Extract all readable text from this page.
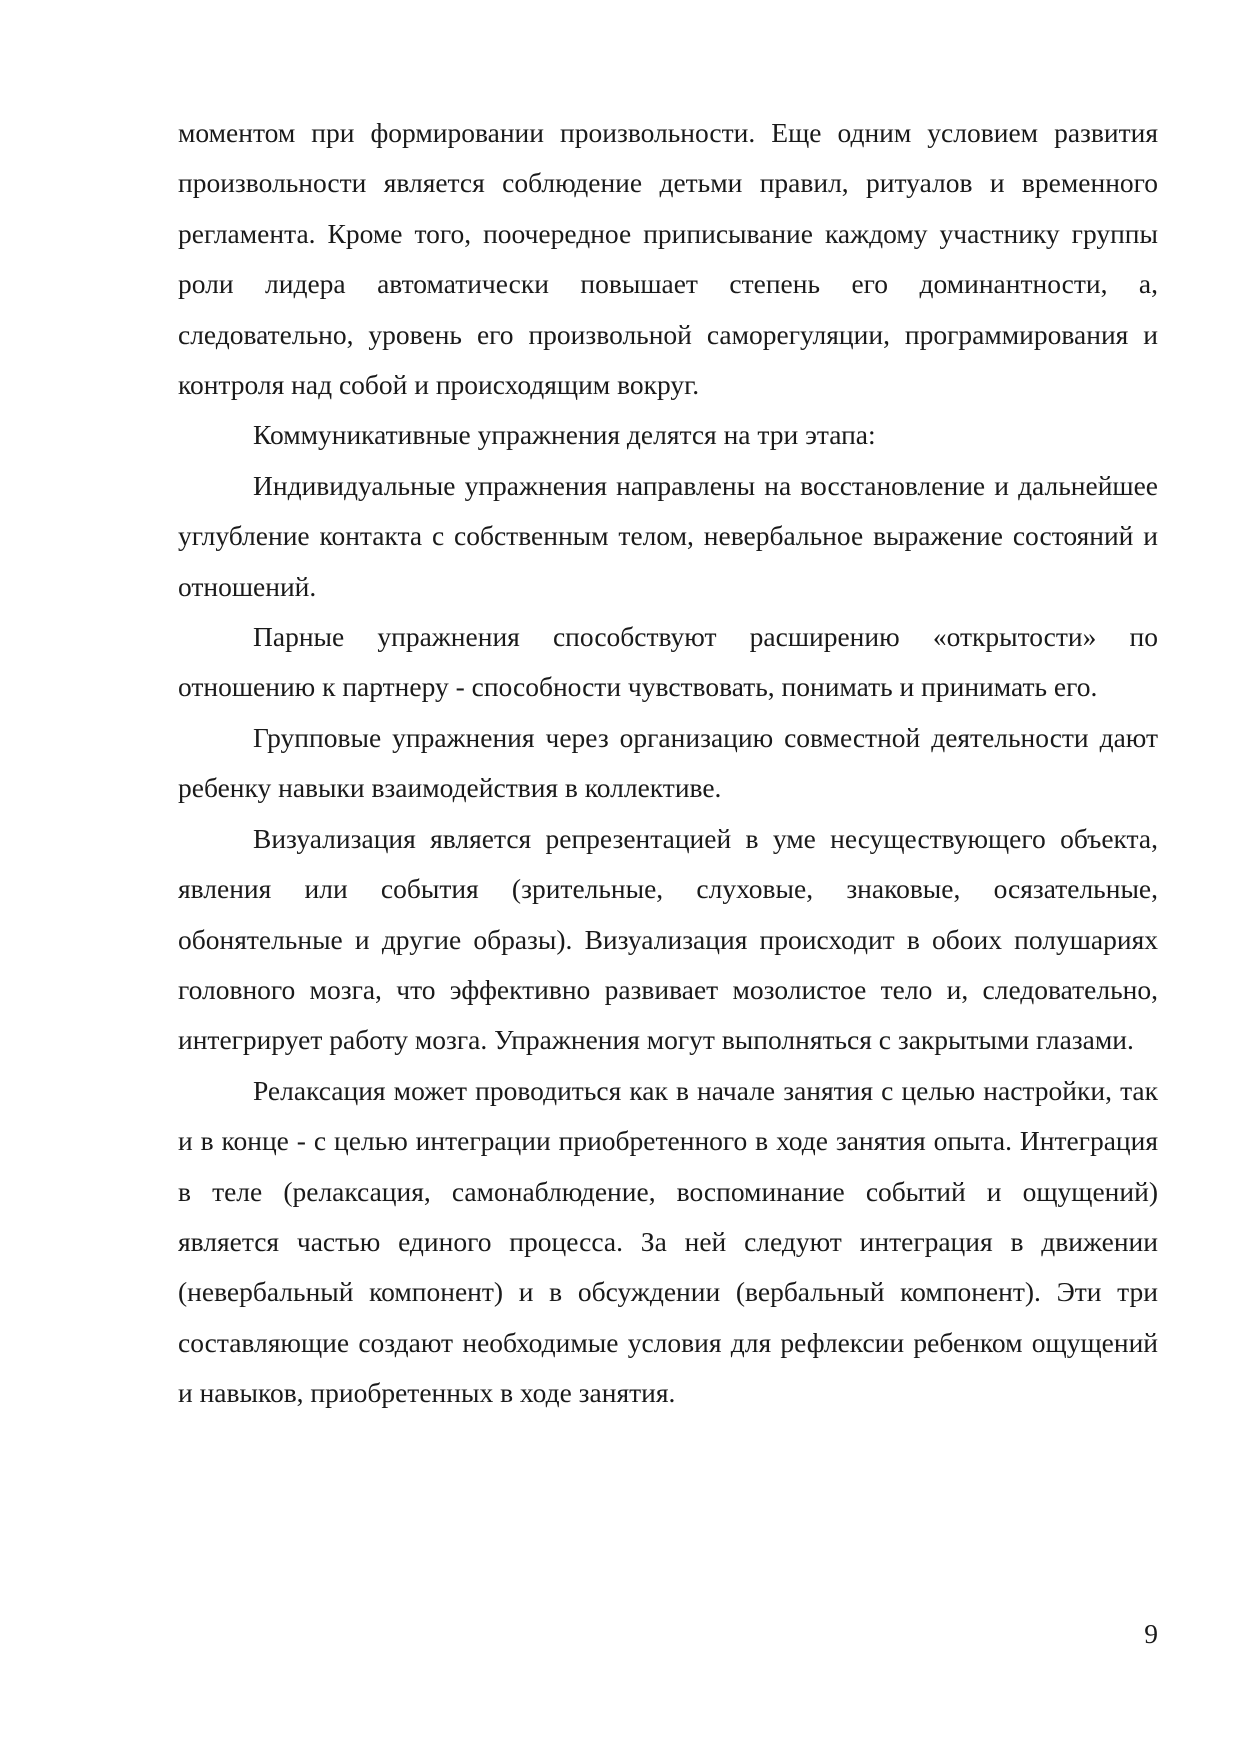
моментом при формировании произвольности. Еще одним условием развития произвольности является соблюдение детьми правил, ритуалов и временного регламента. Кроме того, поочередное приписывание каждому участнику группы роли лидера автоматически повышает степень его доминантности, а, следовательно, уровень его произвольной саморегуляции, программирования и контроля над собой и происходящим вокруг.

Коммуникативные упражнения делятся на три этапа:

Индивидуальные упражнения направлены на восстановление и дальнейшее углубление контакта с собственным телом, невербальное выражение состояний и отношений.

Парные упражнения способствуют расширению «открытости» по отношению к партнеру - способности чувствовать, понимать и принимать его.

Групповые упражнения через организацию совместной деятельности дают ребенку навыки взаимодействия в коллективе.

Визуализация является репрезентацией в уме несуществующего объекта, явления или события (зрительные, слуховые, знаковые, осязательные, обонятельные и другие образы). Визуализация происходит в обоих полушариях головного мозга, что эффективно развивает мозолистое тело и, следовательно, интегрирует работу мозга. Упражнения могут выполняться с закрытыми глазами.

Релаксация может проводиться как в начале занятия с целью настройки, так и в конце - с целью интеграции приобретенного в ходе занятия опыта. Интеграция в теле (релаксация, самонаблюдение, воспоминание событий и ощущений) является частью единого процесса. За ней следуют интеграция в движении (невербальный компонент) и в обсуждении (вербальный компонент). Эти три составляющие создают необходимые условия для рефлексии ребенком ощущений и навыков, приобретенных в ходе занятия.

9
